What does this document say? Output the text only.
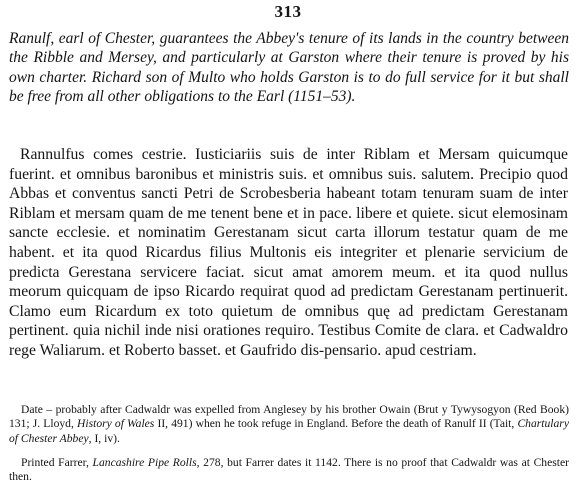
313

Ranulf, earl of Chester, guarantees the Abbey's tenure of its lands in the country between the Ribble and Mersey, and particularly at Garston where their tenure is proved by his own charter. Richard son of Multo who holds Garston is to do full service for it but shall be free from all other obligations to the Earl (1151–53).

Rannulfus comes cestrie. Iusticiariis suis de inter Riblam et Mersam quicumque fuerint. et omnibus baronibus et ministris suis. et omnibus suis. salutem. Precipio quod Abbas et conventus sancti Petri de Scrobesberia habeant totam tenuram suam de inter Riblam et mersam quam de me tenent bene et in pace. libere et quiete. sicut elemosinam sancte ecclesie. et nominatim Gerestanam sicut carta illorum testatur quam de me habent. et ita quod Ricardus filius Multonis eis integriter et plenarie servicium de predicta Gerestana servicere faciat. sicut amat amorem meum. et ita quod nullus meorum quicquam de ipso Ricardo requirat quod ad predictam Gerestanam pertinuerit. Clamo eum Ricardum ex toto quietum de omnibus quę ad predictam Gerestanam pertinent. quia nichil inde nisi orationes requiro. Testibus Comite de clara. et Cadwaldro rege Waliarum. et Roberto basset. et Gaufrido dis-pensario. apud cestriam.

Date – probably after Cadwaldr was expelled from Anglesey by his brother Owain (Brut y Tywysogyon (Red Book) 131; J. Lloyd, History of Wales II, 491) when he took refuge in England. Before the death of Ranulf II (Tait, Chartulary of Chester Abbey, I, iv).

Printed Farrer, Lancashire Pipe Rolls, 278, but Farrer dates it 1142. There is no proof that Cadwaldr was at Chester then.
